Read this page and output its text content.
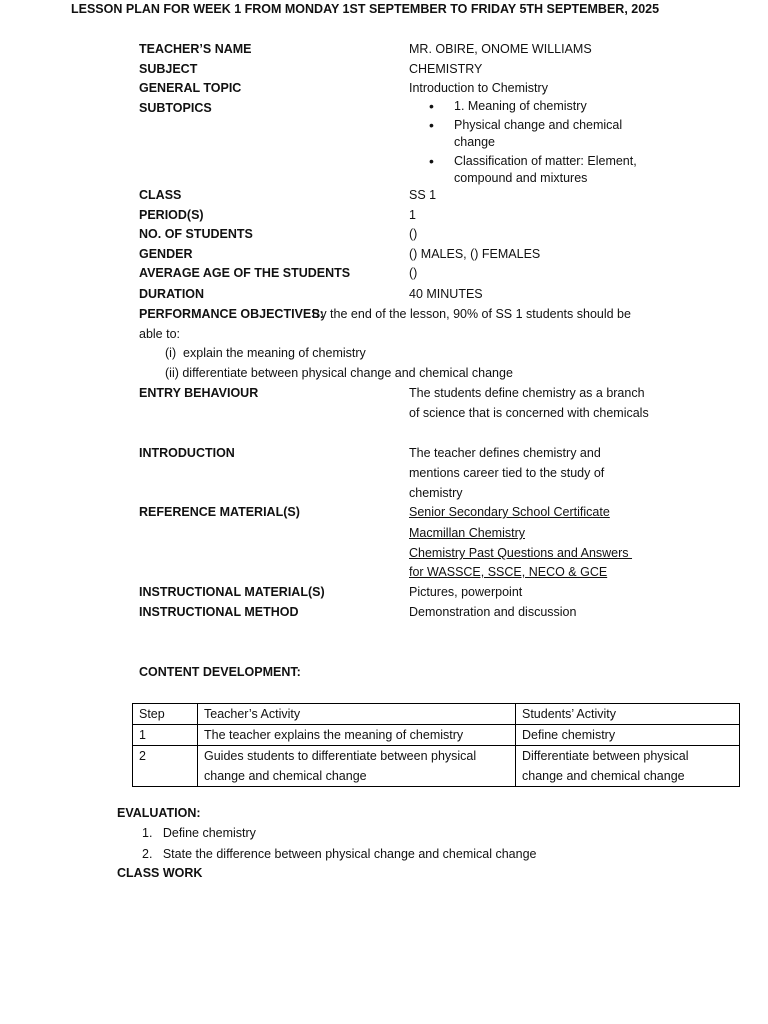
LESSON PLAN FOR WEEK 1 FROM MONDAY 1ST SEPTEMBER TO FRIDAY 5TH SEPTEMBER, 2025
TEACHER’S NAME	MR. OBIRE, ONOME WILLIAMS
SUBJECT	CHEMISTRY
GENERAL TOPIC	Introduction to Chemistry
SUBTOPICS	• 1. Meaning of chemistry
• Physical change and chemical change
• Classification of matter: Element, compound and mixtures
CLASS	SS 1
PERIOD(S)	1
NO. OF STUDENTS	()
GENDER	() MALES, () FEMALES
AVERAGE AGE OF THE STUDENTS	()
DURATION	40 MINUTES
PERFORMANCE OBJECTIVES:
By the end of the lesson, 90% of SS 1 students should be
able to:
(i)  explain the meaning of chemistry
(ii) differentiate between physical change and chemical change
ENTRY BEHAVIOUR	The students define chemistry as a branch of science that is concerned with chemicals
INTRODUCTION	The teacher defines chemistry and mentions career tied to the study of chemistry
REFERENCE MATERIAL(S)	Senior Secondary School Certificate
Macmillan Chemistry
Chemistry Past Questions and Answers
for WASSCE, SSCE, NECO & GCE
INSTRUCTIONAL MATERIAL(S)	Pictures, powerpoint
INSTRUCTIONAL METHOD	Demonstration and discussion
CONTENT DEVELOPMENT:
Step	Teacher’s Activity	Students’ Activity
1	The teacher explains the meaning of chemistry	Define chemistry
2	Guides students to differentiate between physical change and chemical change	Differentiate between physical change and chemical change
EVALUATION:
1.   Define chemistry
2.   State the difference between physical change and chemical change
CLASS WORK
